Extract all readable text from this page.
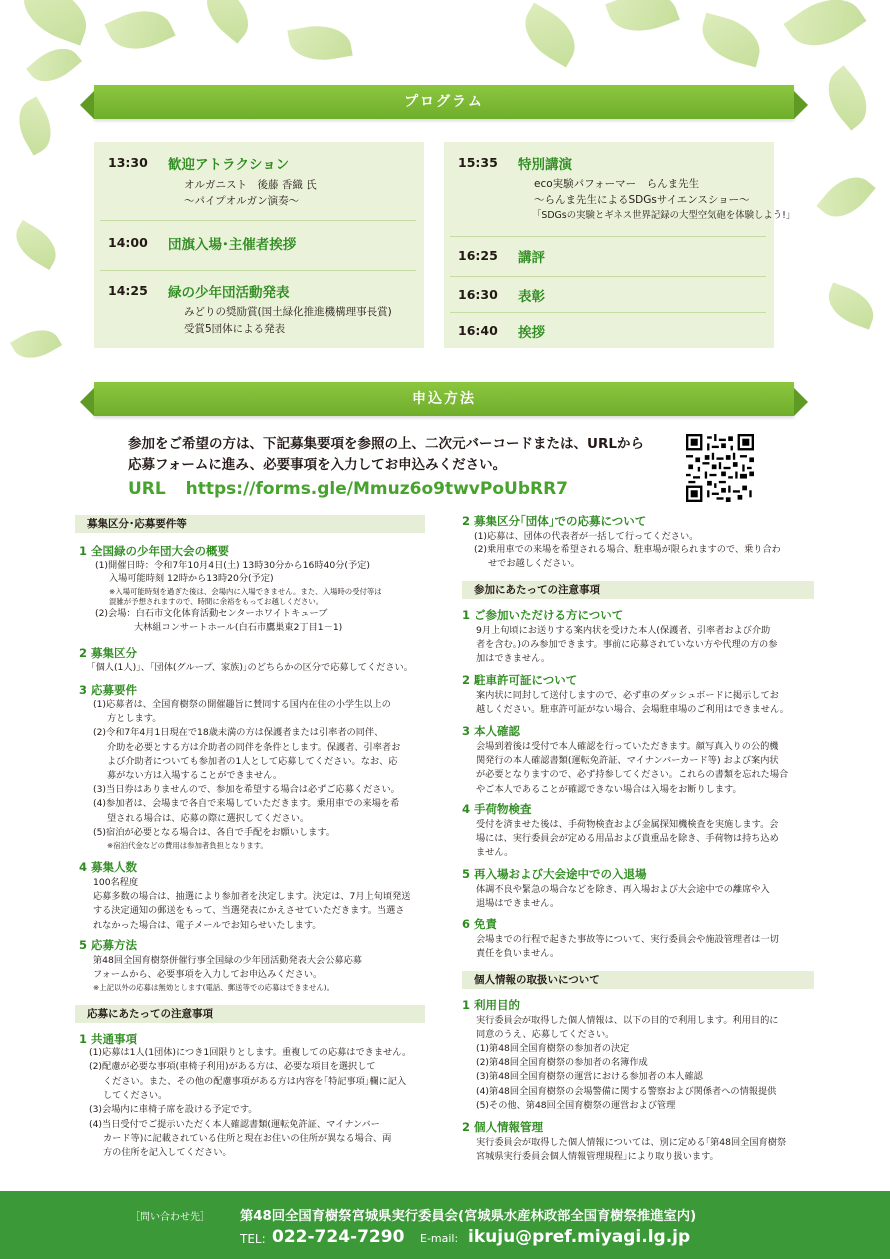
プログラム
13:30 歓迎アトラクション
オルガニスト　後藤 香織 氏
～パイプオルガン演奏～
14:00 団旗入場･主催者挨拶
14:25 緑の少年団活動発表
みどりの奨励賞(国土緑化推進機構理事長賞)
受賞5団体による発表
15:35 特別講演
eco実験パフォーマー　らんま先生
～らんま先生によるSDGsサイエンスショー～
「SDGsの実験とギネス世界記録の大型空気砲を体験しよう!」
16:25 講評
16:30 表彰
16:40 挨拶
申込方法
参加をご希望の方は、下記募集要項を参照の上、二次元バーコードまたは、URLから
応募フォームに進み、必要事項を入力してお申込みください。
URL https://forms.gle/Mmuz6o9twvPoUbRR7
募集区分･応募要件等
1 全国緑の少年団大会の概要
2 募集区分
3 応募要件
4 募集人数
5 応募方法
応募にあたっての注意事項
1 共通事項
2 募集区分｢団体｣での応募について
参加にあたっての注意事項
1 ご参加いただける方について
2 駐車許可証について
3 本人確認
4 手荷物検査
5 再入場および大会途中での入退場
6 免責
個人情報の取扱いについて
1 利用目的
2 個人情報管理
［問い合わせ先］ 第48回全国育樹祭宮城県実行委員会(宮城県水産林政部全国育樹祭推進室内)
TEL: 022-724-7290 E-mail: ikuju@pref.miyagi.lg.jp
(1)開催日時：令和7年10月4日(土) 13時30分から16時40分(予定)
入場可能時刻 12時から13時20分(予定)
※入場可能時刻を過ぎた後は、会場内に入場できません。また、入場時の受付等は
混雑が予想されますので、時間に余裕をもってお越しください。
(2)会場：白石市文化体育活動センターホワイトキューブ
大林組コンサートホール(白石市鷹巣東2丁目1－1)
｢個人(1人)｣、｢団体(グループ、家族)｣のどちらかの区分で応募してください。
(1)応募者は、全国育樹祭の開催趣旨に賛同する国内在住の小学生以上の
方とします。
(2)令和7年4月1日現在で18歳未満の方は保護者または引率者の同伴、
介助を必要とする方は介助者の同伴を条件とします。保護者、引率者お
よび介助者についても参加者の1人として応募してください。なお、応
募がない方は入場することができません。
(3)当日券はありませんので、参加を希望する場合は必ずご応募ください。
(4)参加者は、会場まで各自で来場していただきます。乗用車での来場を希
望される場合は、応募の際に選択してください。
(5)宿泊が必要となる場合は、各自で手配をお願いします。
※宿泊代金などの費用は参加者負担となります。
100名程度
応募多数の場合は、抽選により参加者を決定します。決定は、7月上旬頃発送
する決定通知の郵送をもって、当選発表にかえさせていただきます。当選さ
れなかった場合は、電子メールでお知らせいたします。
第48回全国育樹祭併催行事全国緑の少年団活動発表大会公募応募
フォームから、必要事項を入力してお申込みください。
※上記以外の応募は無効とします(電話、郵送等での応募はできません)。
(1)応募は1人(1団体)につき1回限りとします。重複しての応募はできません。
(2)配慮が必要な事項(車椅子利用)がある方は、必要な項目を選択して
ください。また、その他の配慮事項がある方は内容を｢特記事項｣欄に記入
してください。
(3)会場内に車椅子席を設ける予定です。
(4)当日受付でご提示いただく本人確認書類(運転免許証、マイナンバー
カード等)に記載されている住所と現在お住いの住所が異なる場合、両
方の住所を記入してください。
(1)応募は、団体の代表者が一括して行ってください。
(2)乗用車での来場を希望される場合、駐車場が限られますので、乗り合わ
せでお越しください。
9月上旬頃にお送りする案内状を受けた本人(保護者、引率者および介助
者を含む。)のみ参加できます。事前に応募されていない方や代理の方の参
加はできません。
案内状に同封して送付しますので、必ず車のダッシュボードに掲示してお
越しください。駐車許可証がない場合、会場駐車場のご利用はできません。
会場到着後は受付で本人確認を行っていただきます。顔写真入りの公的機
関発行の本人確認書類(運転免許証、マイナンバーカード等) および案内状
が必要となりますので、必ず持参してください。これらの書類を忘れた場合
やご本人であることが確認できない場合は入場をお断りします。
受付を済ませた後は、手荷物検査および金属探知機検査を実施します。会
場には、実行委員会が定める用品および貴重品を除き、手荷物は持ち込め
ません。
体調不良や緊急の場合などを除き、再入場および大会途中での離席や入
退場はできません。
会場までの行程で起きた事故等について、実行委員会や施設管理者は一切
責任を負いません。
実行委員会が取得した個人情報は、以下の目的で利用します。利用目的に
同意のうえ、応募してください。
(1)第48回全国育樹祭の参加者の決定
(2)第48回全国育樹祭の参加者の名簿作成
(3)第48回全国育樹祭の運営における参加者の本人確認
(4)第48回全国育樹祭の会場警備に関する警察および関係者への情報提供
(5)その他、第48回全国育樹祭の運営および管理
実行委員会が取得した個人情報については、別に定める｢第48回全国育樹祭
宮城県実行委員会個人情報管理規程｣により取り扱います。
